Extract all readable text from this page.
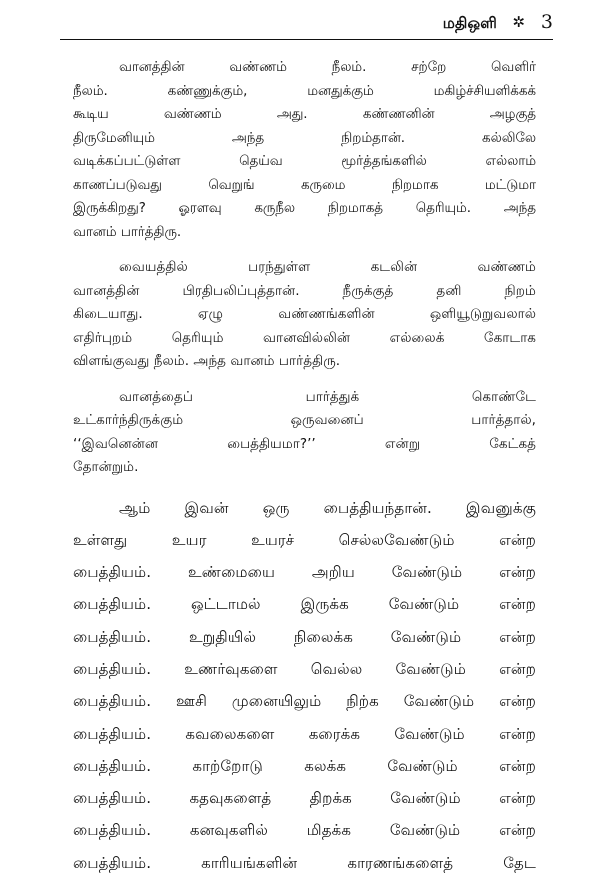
மதிஒளி ✲ 3

வானத்தின் வண்ணம் நீலம். சற்றே வெளிர்
நீலம். கண்ணுக்கும், மனதுக்கும் மகிழ்ச்சியளிக்கக்
கூடிய வண்ணம் அது. கண்ணனின் அழகுத்
திருமேனியும் அந்த நிறம்தான். கல்லிலே
வடிக்கப்பட்டுள்ள தெய்வ மூர்த்தங்களில் எல்லாம்
காணப்படுவது வெறுங் கருமை நிறமாக மட்டுமா
இருக்கிறது? ஓரளவு கருநீல நிறமாகத் தெரியும். அந்த
வானம் பார்த்திரு.

வையத்தில் பரந்துள்ள கடலின் வண்ணம்
வானத்தின் பிரதிபலிப்புத்தான். நீருக்குத் தனி நிறம்
கிடையாது. ஏழு வண்ணங்களின் ஒளியூடுறுவலால்
எதிர்புறம் தெரியும் வானவில்லின் எல்லைக் கோடாக
விளங்குவது நீலம். அந்த வானம் பார்த்திரு.

வானத்தைப் பார்த்துக் கொண்டே
உட்கார்ந்திருக்கும் ஒருவனைப் பார்த்தால்,
‘‘இவனென்ன பைத்தியமா?’’ என்று கேட்கத்
தோன்றும்.

ஆம் இவன் ஒரு பைத்தியந்தான். இவனுக்கு
உள்ளது உயர உயரச் செல்லவேண்டும் என்ற
பைத்தியம். உண்மையை அறிய வேண்டும் என்ற
பைத்தியம். ஒட்டாமல் இருக்க வேண்டும் என்ற
பைத்தியம். உறுதியில் நிலைக்க வேண்டும் என்ற
பைத்தியம். உணர்வுகளை வெல்ல வேண்டும் என்ற
பைத்தியம். ஊசி முனையிலும் நிற்க வேண்டும் என்ற
பைத்தியம். கவலைகளை கரைக்க வேண்டும் என்ற
பைத்தியம். காற்றோடு கலக்க வேண்டும் என்ற
பைத்தியம். கதவுகளைத் திறக்க வேண்டும் என்ற
பைத்தியம். கனவுகளில் மிதக்க வேண்டும் என்ற
பைத்தியம். காரியங்களின் காரணங்களைத் தேட
